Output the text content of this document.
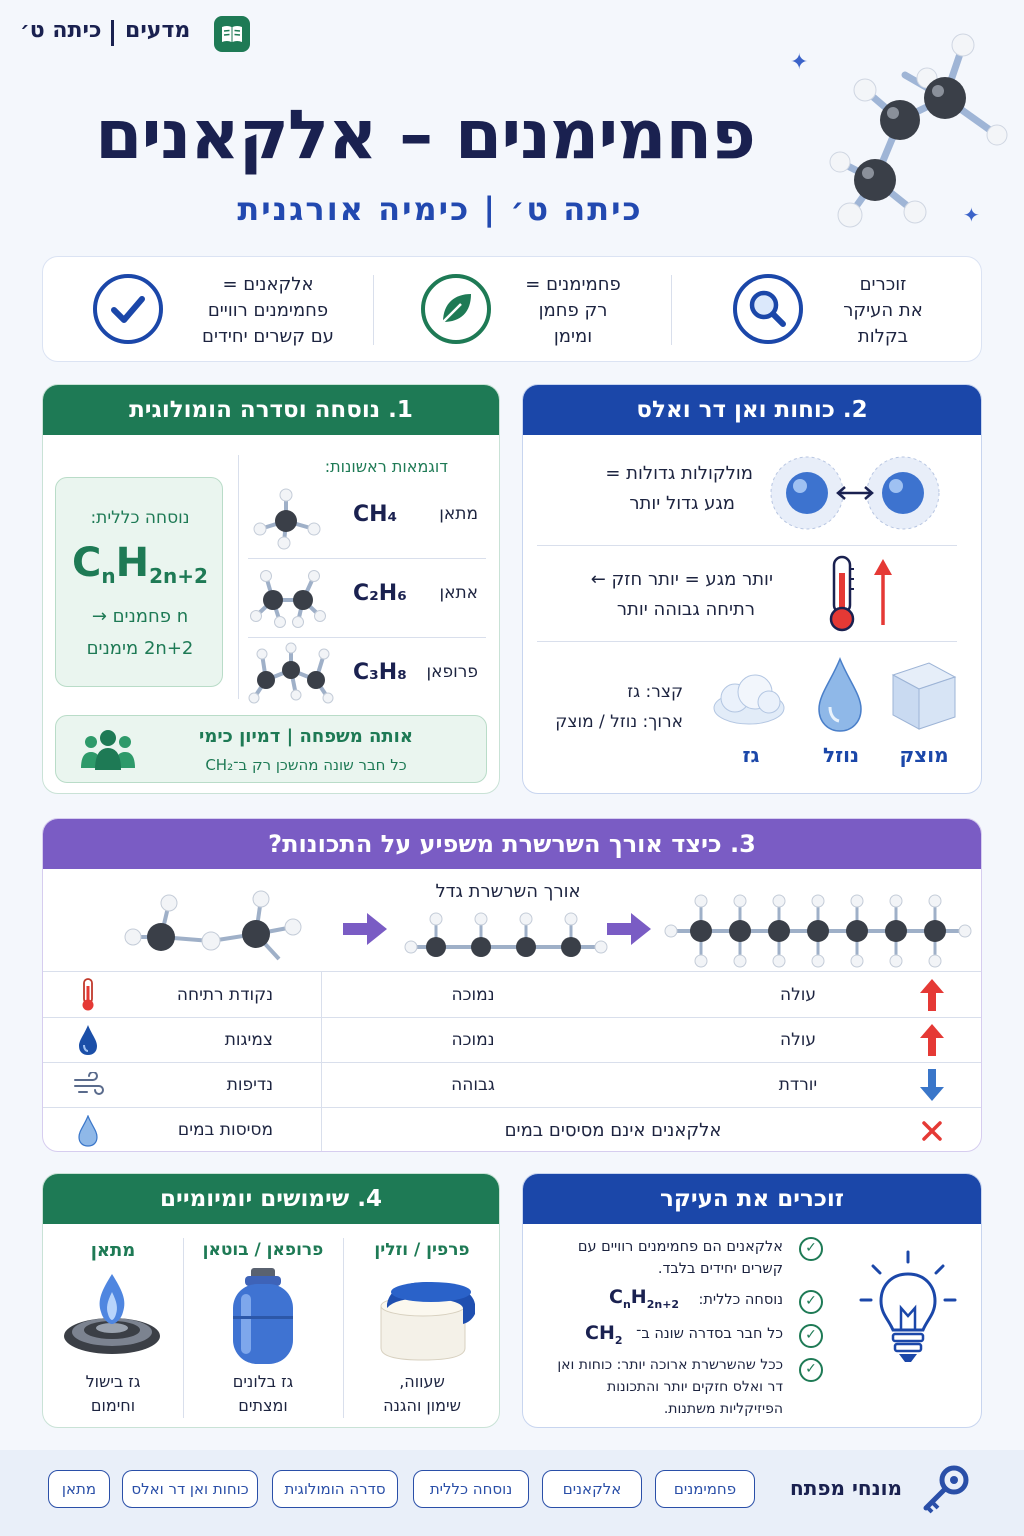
כיתה ט׳ מדעים
✦
✦
פחמימנים – אלקאנים
כיתה ט׳ | כימיה אורגנית
אלקאנים =
פחמימנים רוויים
עם קשרים יחידים
פחמימנים =
רק פחמן
ומימן
זוכרים
את העיקר
בקלות
1. נוסחה וסדרה הומולוגית
נוסחה כללית:
$C_nH_{2n+2}$
n פחמנים →
2n+2 מימנים
דוגמאות ראשונות:
CH₄	מתאן
C₂H₆	אתאן
C₃H₈	פרופאן
אותה משפחה | דמיון כימי
כל חבר שונה מהשכן רק ב־CH₂
2. כוחות ואן דר ואלס
מולקולות גדולות =
מגע גדול יותר
יותר מגע = יותר חזק ←
רתיחה גבוהה יותר
קצר: גז
ארוך: נוזל / מוצק
גז	נוזל	מוצק
3. כיצד אורך השרשרת משפיע על התכונות?
אורך השרשרת גדל
נקודת רתיחה	נמוכה	עולה
צמיגות	נמוכה	עולה
נדיפות	גבוהה	יורדת
מסיסות במים	אלקאנים אינם מסיסים במים
4. שימושים יומיומיים
מתאן
גז בישול
וחימום
פרופאן / בוטאן
גז בלונים
ומצתים
פרפין / וזלין
שעווה,
שימון והגנה
זוכרים את העיקר
✓
אלקאנים הם פחמימנים רוויים עם קשרים יחידים בלבד.
✓
$C_nH_{2n+2}$	נוסחה כללית:
✓
$CH_2$ כל חבר בסדרה שונה ב־
✓
ככל שהשרשרת ארוכה יותר: כוחות ואן דר ואלס חזקים יותר והתכונות הפיזיקליות משתנות.
מונחי מפתח
פחמימנים
אלקאנים
נוסחה כללית
סדרה הומולוגית
כוחות ואן דר ואלס
מתאן
